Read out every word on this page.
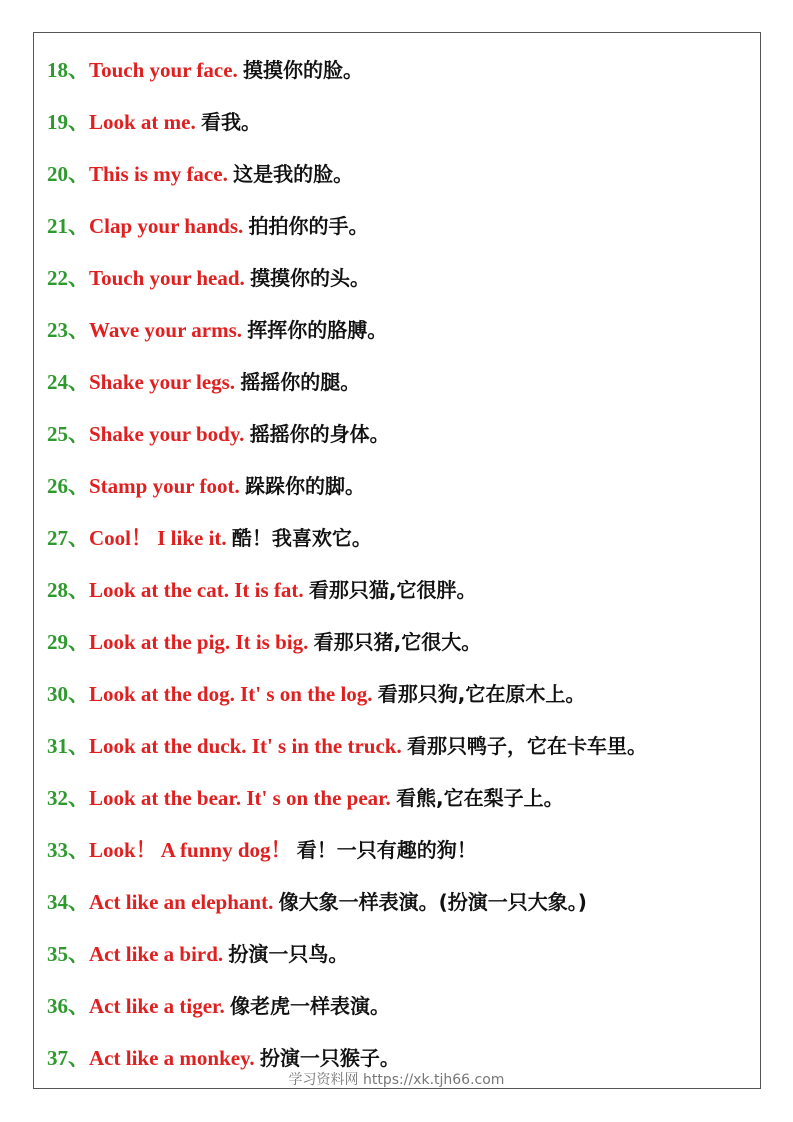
18、Touch your face. 摸摸你的脸。
19、Look at me. 看我。
20、This is my face. 这是我的脸。
21、Clap your hands. 拍拍你的手。
22、Touch your head. 摸摸你的头。
23、Wave your arms. 挥挥你的胳膊。
24、Shake your legs. 摇摇你的腿。
25、Shake your body. 摇摇你的身体。
26、Stamp your foot. 跺跺你的脚。
27、Cool！ I like it. 酷！我喜欢它。
28、Look at the cat. It is fat. 看那只猫,它很胖。
29、Look at the pig. It is big. 看那只猪,它很大。
30、Look at the dog. It' s on the log. 看那只狗,它在原木上。
31、Look at the duck. It' s in the truck. 看那只鸭子，它在卡车里。
32、Look at the bear. It' s on the pear. 看熊,它在梨子上。
33、Look！ A funny dog！ 看！一只有趣的狗！
34、Act like an elephant. 像大象一样表演。(扮演一只大象。)
35、Act like a bird. 扮演一只鸟。
36、Act like a tiger. 像老虎一样表演。
37、Act like a monkey. 扮演一只猴子。
学习资料网 https://xk.tjh66.com
